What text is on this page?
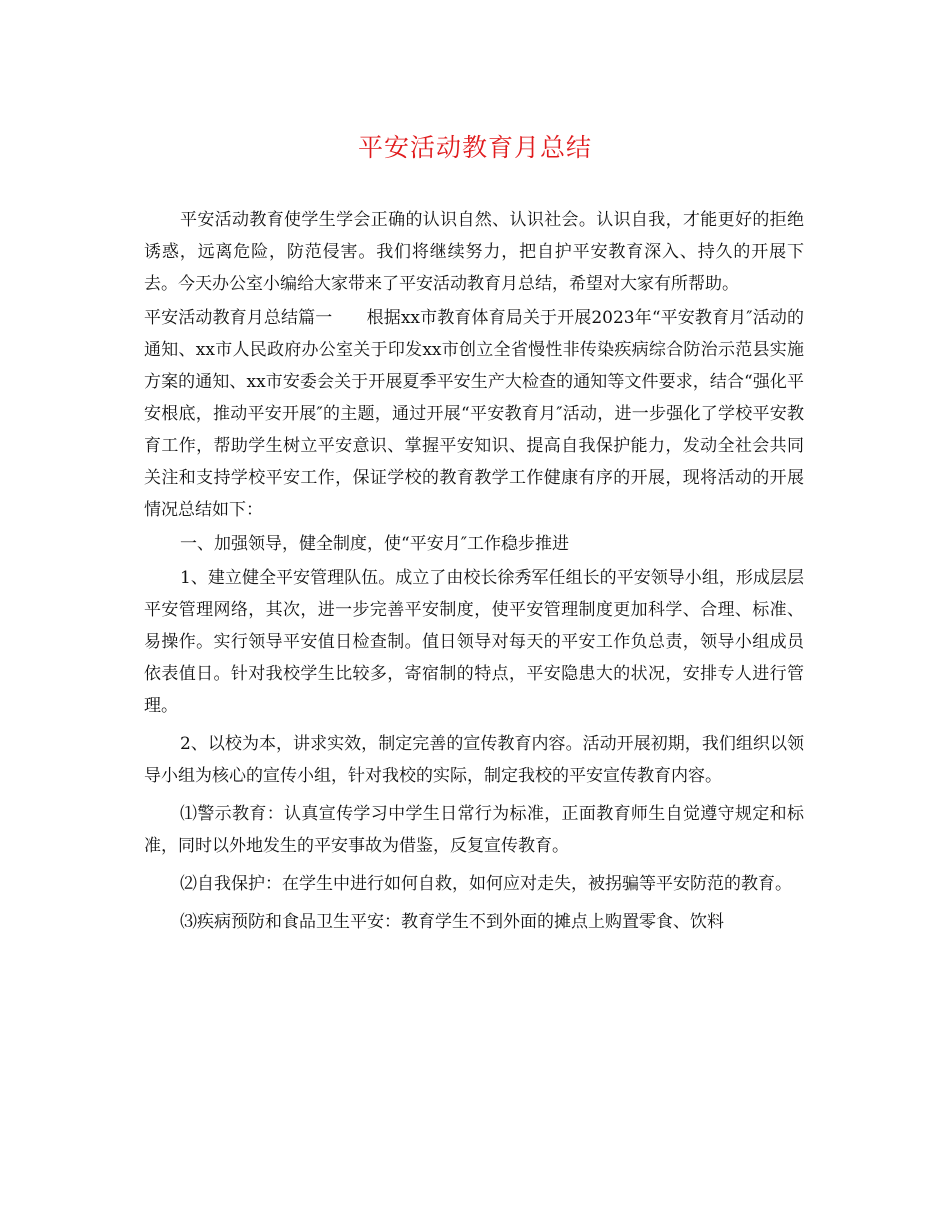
平安活动教育月总结

平安活动教育使学生学会正确的认识自然、认识社会。认识自我，才能更好的拒绝诱惑，远离危险，防范侵害。我们将继续努力，把自护平安教育深入、持久的开展下去。今天办公室小编给大家带来了平安活动教育月总结，希望对大家有所帮助。

平安活动教育月总结篇一　　根据xx市教育体育局关于开展2023年“平安教育月″活动的通知、xx市人民政府办公室关于印发xx市创立全省慢性非传染疾病综合防治示范县实施方案的通知、xx市安委会关于开展夏季平安生产大检查的通知等文件要求，结合“强化平安根底，推动平安开展″的主题，通过开展“平安教育月″活动，进一步强化了学校平安教育工作，帮助学生树立平安意识、掌握平安知识、提高自我保护能力，发动全社会共同关注和支持学校平安工作，保证学校的教育教学工作健康有序的开展，现将活动的开展情况总结如下：

一、加强领导，健全制度，使“平安月″工作稳步推进

1、建立健全平安管理队伍。成立了由校长徐秀军任组长的平安领导小组，形成层层平安管理网络，其次，进一步完善平安制度，使平安管理制度更加科学、合理、标准、易操作。实行领导平安值日检查制。值日领导对每天的平安工作负总责，领导小组成员依表值日。针对我校学生比较多，寄宿制的特点，平安隐患大的状况，安排专人进行管理。

2、以校为本，讲求实效，制定完善的宣传教育内容。活动开展初期，我们组织以领导小组为核心的宣传小组，针对我校的实际，制定我校的平安宣传教育内容。

⑴警示教育：认真宣传学习中学生日常行为标准，正面教育师生自觉遵守规定和标准，同时以外地发生的平安事故为借鉴，反复宣传教育。

⑵自我保护：在学生中进行如何自救，如何应对走失，被拐骗等平安防范的教育。

⑶疾病预防和食品卫生平安：教育学生不到外面的摊点上购置零食、饮料
